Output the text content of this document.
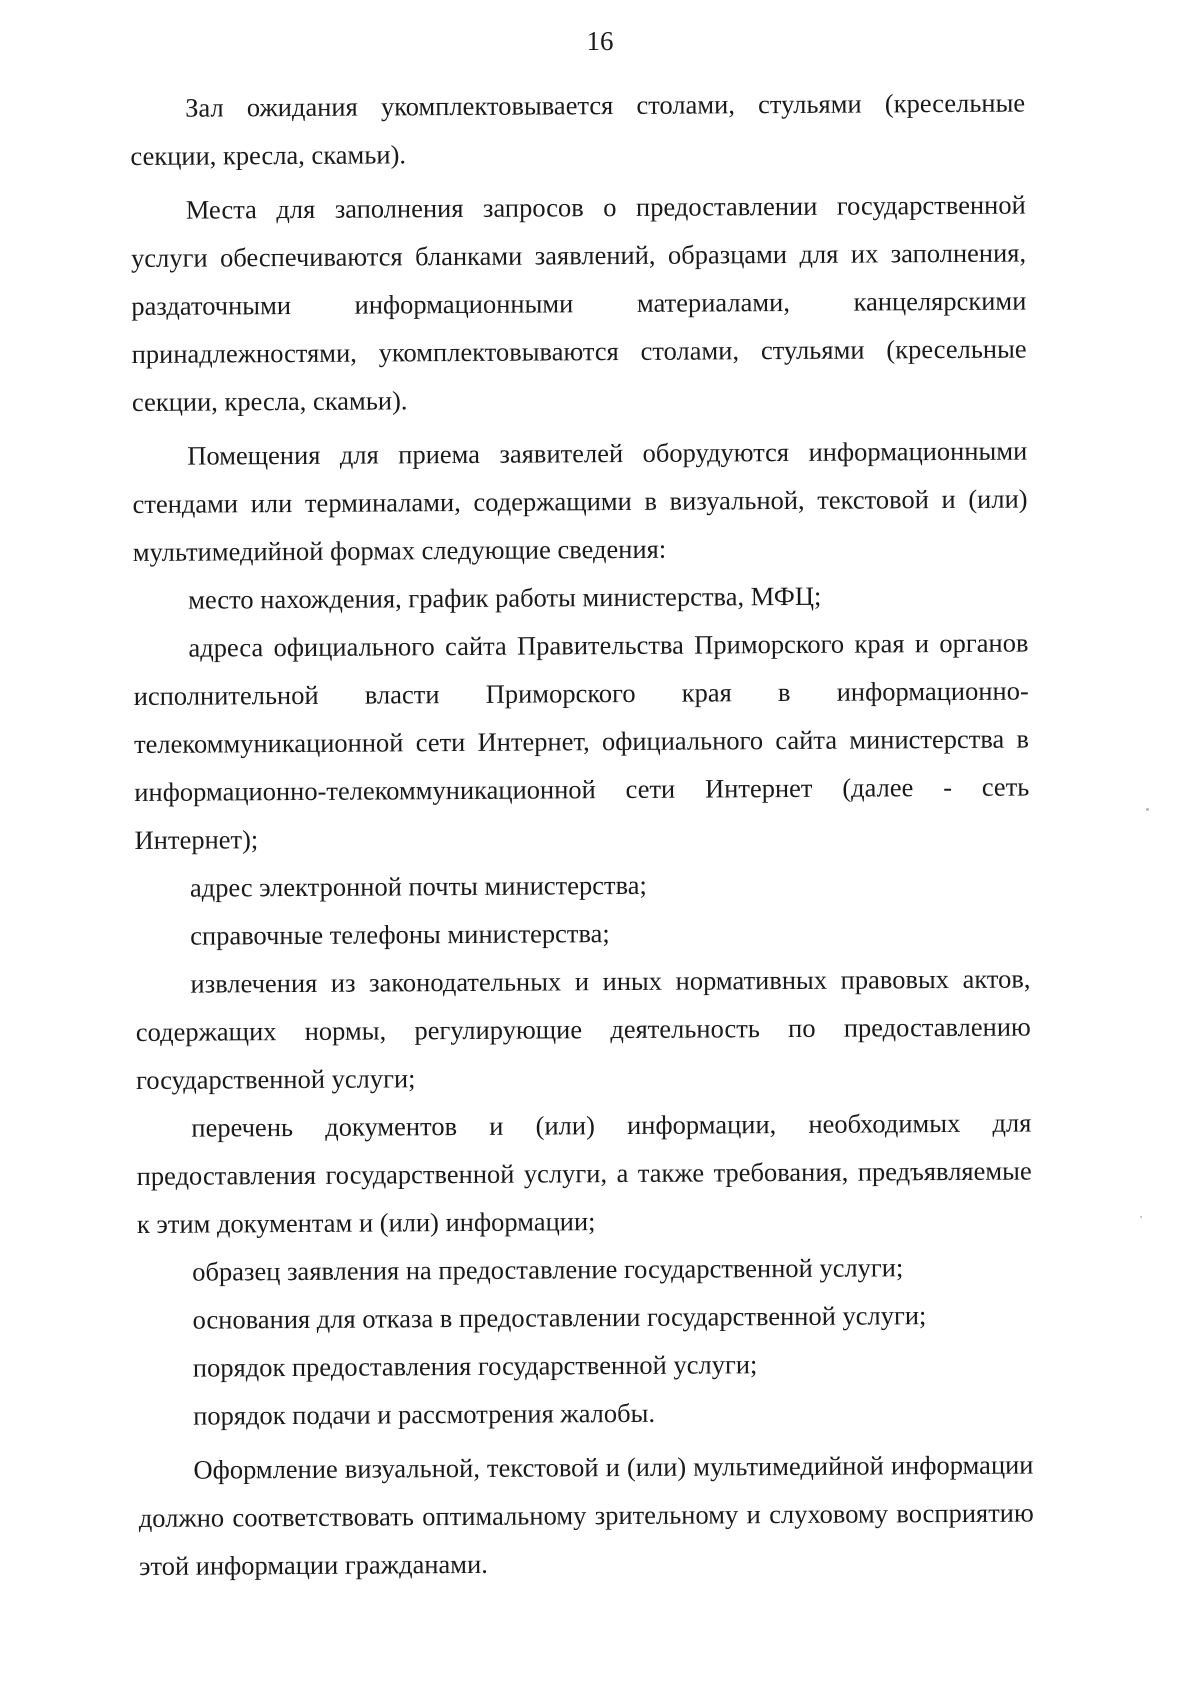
16

Зал ожидания укомплектовывается столами, стульями (кресельные секции, кресла, скамьи).

Места для заполнения запросов о предоставлении государственной услуги обеспечиваются бланками заявлений, образцами для их заполнения, раздаточными информационными материалами, канцелярскими принадлежностями, укомплектовываются столами, стульями (кресельные секции, кресла, скамьи).

Помещения для приема заявителей оборудуются информационными стендами или терминалами, содержащими в визуальной, текстовой и (или) мультимедийной формах следующие сведения:

место нахождения, график работы министерства, МФЦ;

адреса официального сайта Правительства Приморского края и органов исполнительной власти Приморского края в информационно-телекоммуникационной сети Интернет, официального сайта министерства в информационно-телекоммуникационной сети Интернет (далее - сеть Интернет);

адрес электронной почты министерства;

справочные телефоны министерства;

извлечения из законодательных и иных нормативных правовых актов, содержащих нормы, регулирующие деятельность по предоставлению государственной услуги;

перечень документов и (или) информации, необходимых для предоставления государственной услуги, а также требования, предъявляемые к этим документам и (или) информации;

образец заявления на предоставление государственной услуги;

основания для отказа в предоставлении государственной услуги;

порядок предоставления государственной услуги;

порядок подачи и рассмотрения жалобы.

Оформление визуальной, текстовой и (или) мультимедийной информации должно соответствовать оптимальному зрительному и слуховому восприятию этой информации гражданами.
